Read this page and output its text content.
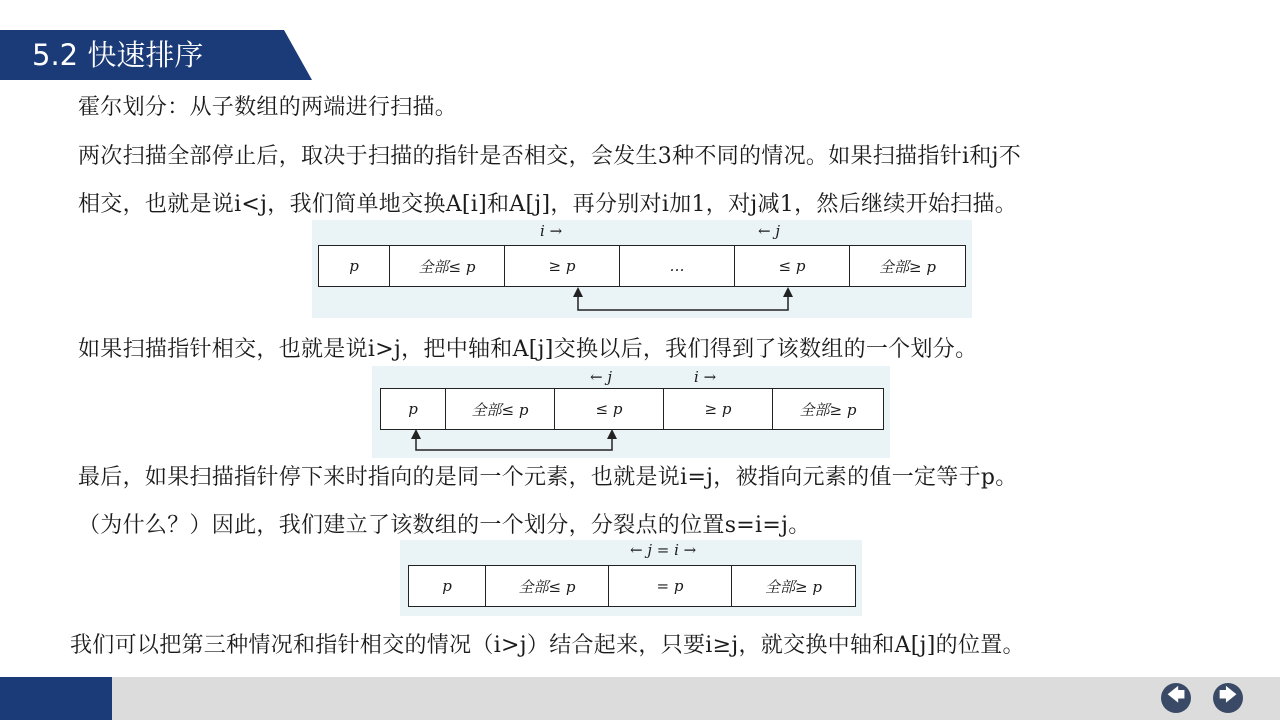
5.2 快速排序
霍尔划分：从子数组的两端进行扫描。
两次扫描全部停止后，取决于扫描的指针是否相交，会发生3种不同的情况。如果扫描指针i和j不
相交，也就是说i<j，我们简单地交换A[i]和A[j]，再分别对i加1，对j减1，然后继续开始扫描。
i →	← j
p	全部≤ p	≥ p	…	≤ p	全部≥ p
如果扫描指针相交，也就是说i>j，把中轴和A[j]交换以后，我们得到了该数组的一个划分。
← j	i →
p	全部≤ p	≤ p	≥ p	全部≥ p
最后，如果扫描指针停下来时指向的是同一个元素，也就是说i=j，被指向元素的值一定等于p。
（为什么？）因此，我们建立了该数组的一个划分，分裂点的位置s=i=j。
← j = i →
p	全部≤ p	= p	全部≥ p
我们可以把第三种情况和指针相交的情况（i>j）结合起来，只要i≥j，就交换中轴和A[j]的位置。
🡄 🡆
